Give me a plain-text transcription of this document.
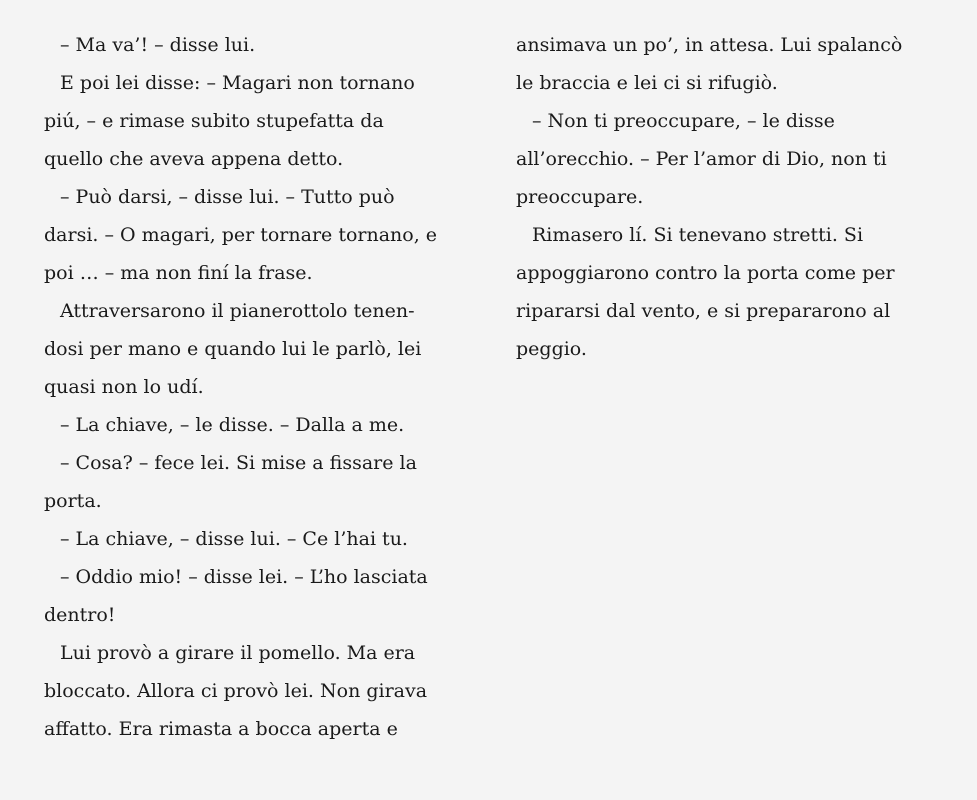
– Ma va’! – disse lui.

E poi lei disse: – Magari non tornano
piú, – e rimase subito stupefatta da
quello che aveva appena detto.

– Può darsi, – disse lui. – Tutto può
darsi. – O magari, per tornare tornano, e
poi … – ma non finí la frase.

Attraversarono il pianerottolo tenen-
dosi per mano e quando lui le parlò, lei
quasi non lo udí.

– La chiave, – le disse. – Dalla a me.

– Cosa? – fece lei. Si mise a fissare la
porta.

– La chiave, – disse lui. – Ce l’hai tu.

– Oddio mio! – disse lei. – L’ho lasciata
dentro!

Lui provò a girare il pomello. Ma era
bloccato. Allora ci provò lei. Non girava
affatto. Era rimasta a bocca aperta e

ansimava un po’, in attesa. Lui spalancò
le braccia e lei ci si rifugiò.

– Non ti preoccupare, – le disse
all’orecchio. – Per l’amor di Dio, non ti
preoccupare.

Rimasero lí. Si tenevano stretti. Si
appoggiarono contro la porta come per
ripararsi dal vento, e si prepararono al
peggio.
